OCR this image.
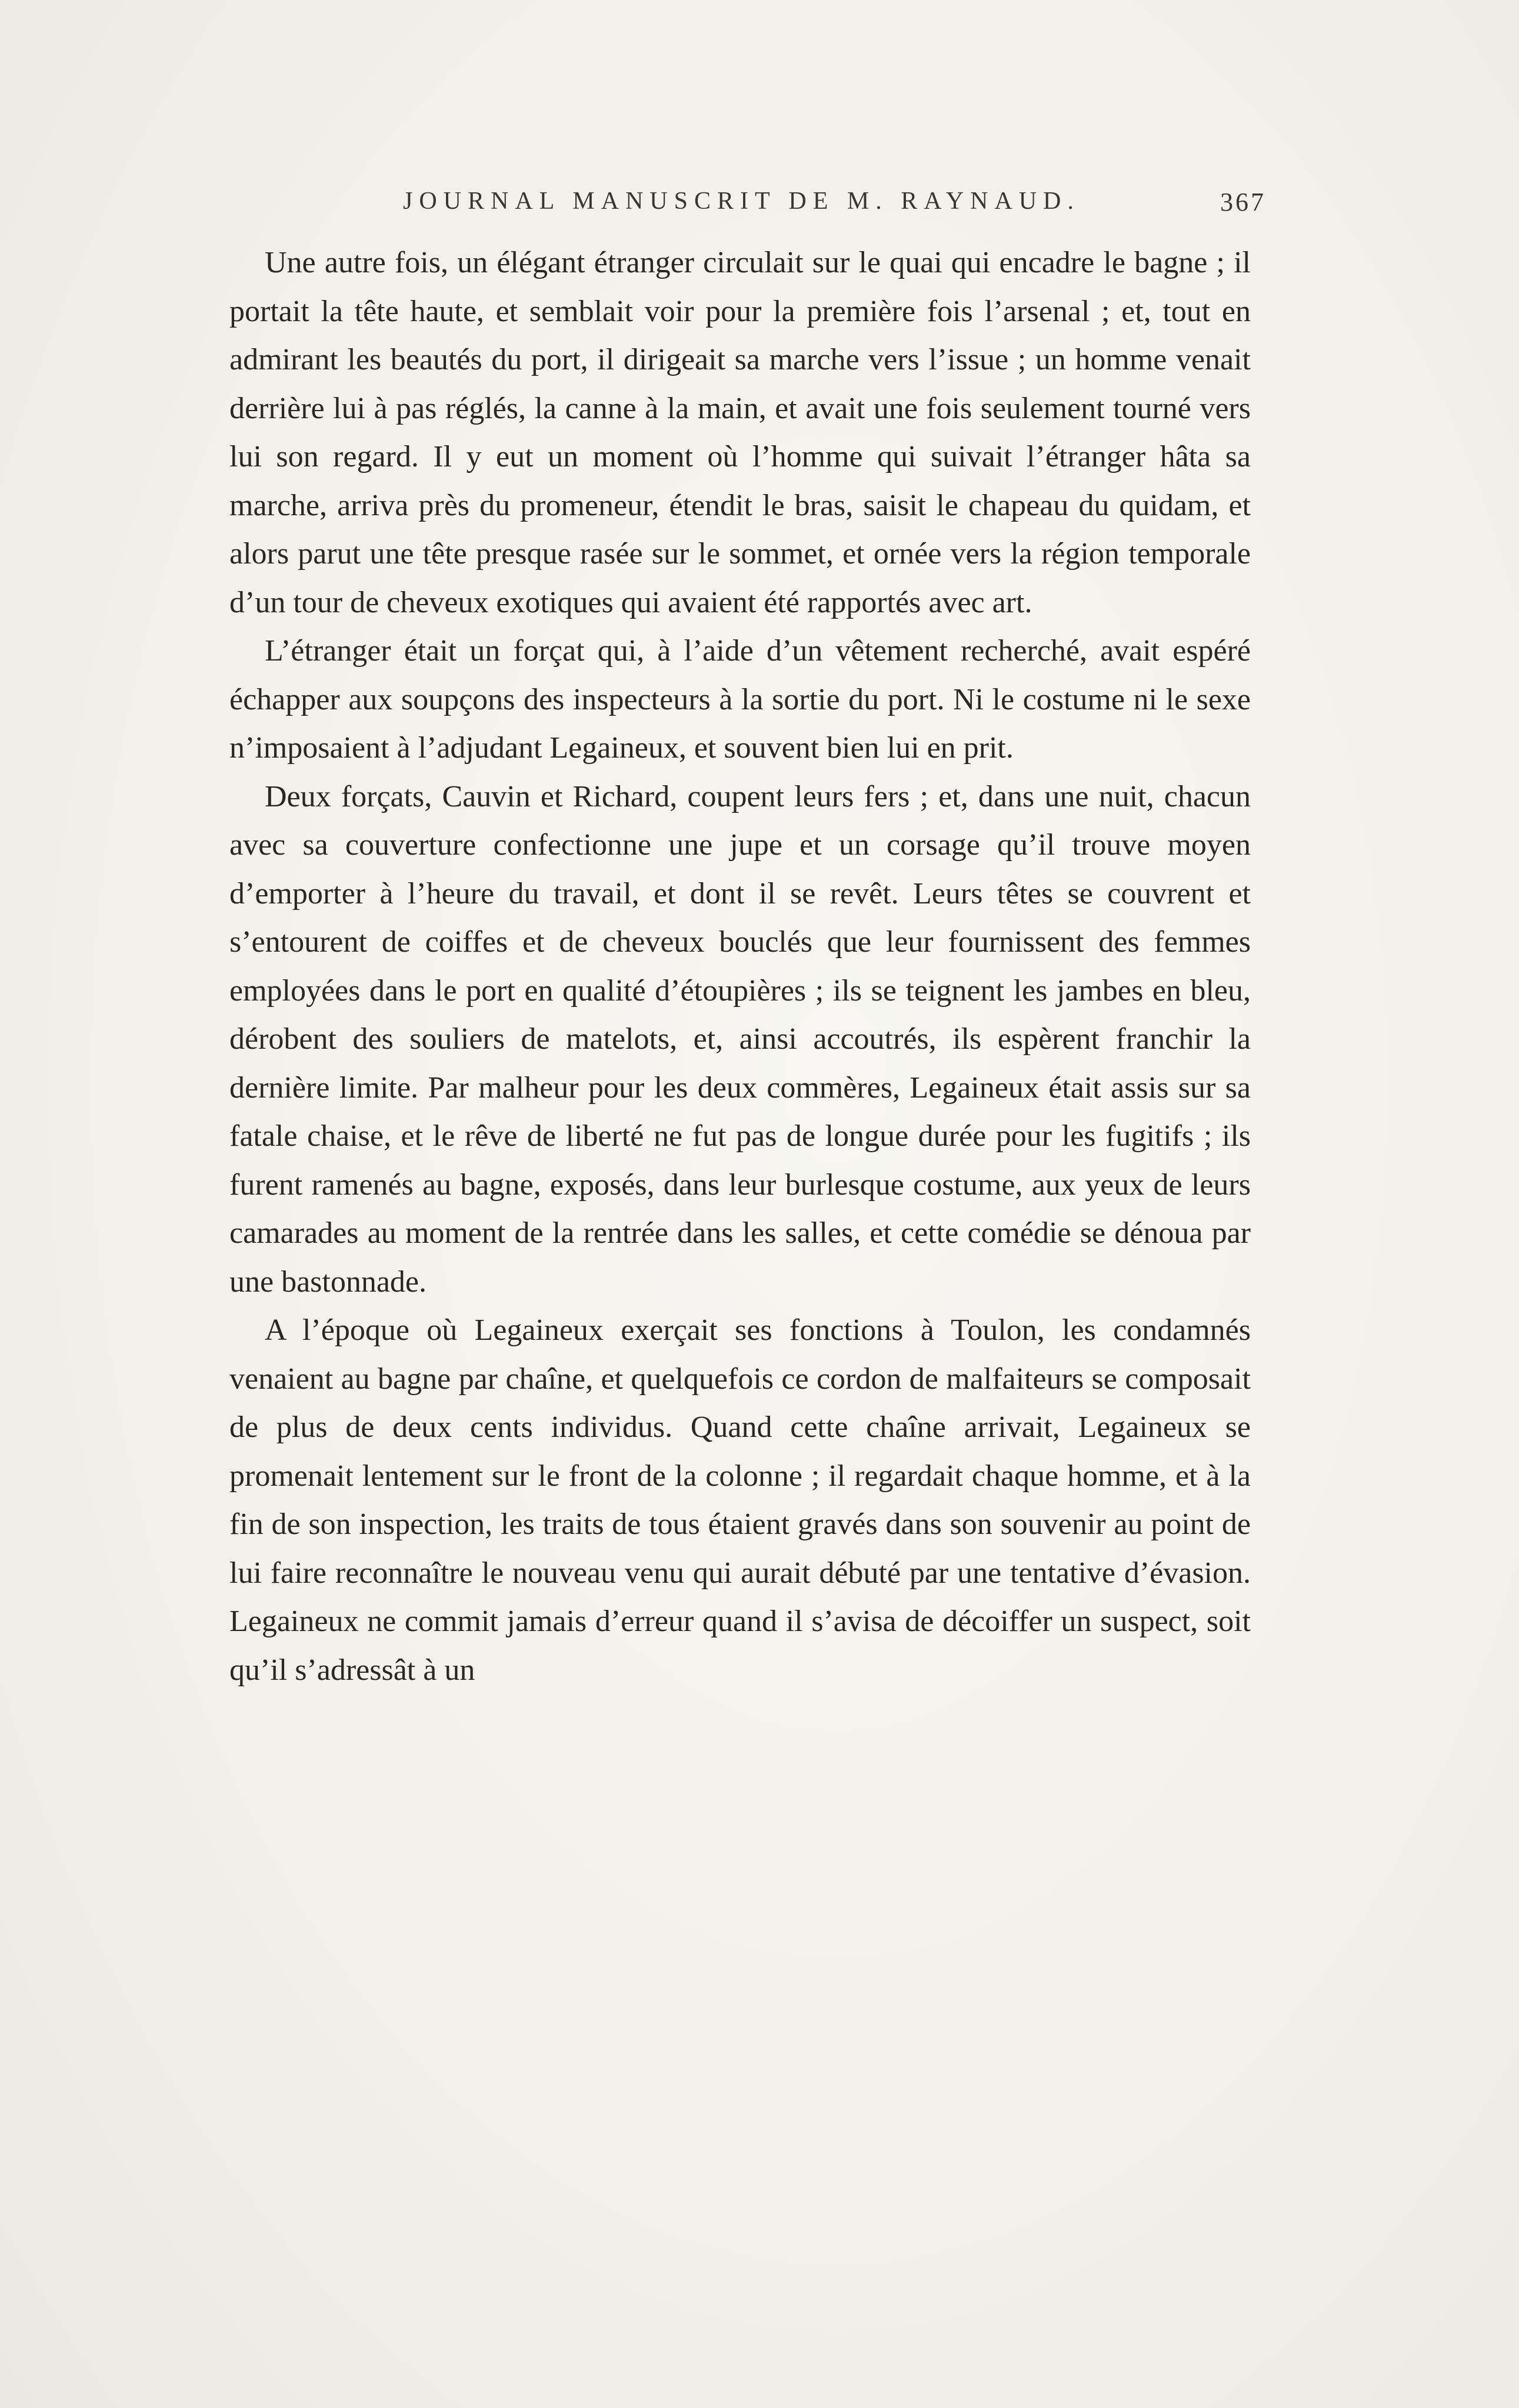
JOURNAL MANUSCRIT DE M. RAYNAUD.	367

Une autre fois, un élégant étranger circulait sur le quai qui encadre le bagne ; il portait la tête haute, et semblait voir pour la première fois l’arsenal ; et, tout en admirant les beautés du port, il dirigeait sa marche vers l’issue ; un homme venait derrière lui à pas réglés, la canne à la main, et avait une fois seulement tourné vers lui son regard. Il y eut un moment où l’homme qui suivait l’étranger hâta sa marche, arriva près du promeneur, étendit le bras, saisit le chapeau du quidam, et alors parut une tête presque rasée sur le sommet, et ornée vers la région temporale d’un tour de cheveux exotiques qui avaient été rapportés avec art.

L’étranger était un forçat qui, à l’aide d’un vêtement recherché, avait espéré échapper aux soupçons des inspecteurs à la sortie du port. Ni le costume ni le sexe n’imposaient à l’adjudant Legaineux, et souvent bien lui en prit.

Deux forçats, Cauvin et Richard, coupent leurs fers ; et, dans une nuit, chacun avec sa couverture confectionne une jupe et un corsage qu’il trouve moyen d’emporter à l’heure du travail, et dont il se revêt. Leurs têtes se couvrent et s’entourent de coiffes et de cheveux bouclés que leur fournissent des femmes employées dans le port en qualité d’étoupières ; ils se teignent les jambes en bleu, dérobent des souliers de matelots, et, ainsi accoutrés, ils espèrent franchir la dernière limite. Par malheur pour les deux commères, Legaineux était assis sur sa fatale chaise, et le rêve de liberté ne fut pas de longue durée pour les fugitifs ; ils furent ramenés au bagne, exposés, dans leur burlesque costume, aux yeux de leurs camarades au moment de la rentrée dans les salles, et cette comédie se dénoua par une bastonnade.

A l’époque où Legaineux exerçait ses fonctions à Toulon, les condamnés venaient au bagne par chaîne, et quelquefois ce cordon de malfaiteurs se composait de plus de deux cents individus. Quand cette chaîne arrivait, Legaineux se promenait lentement sur le front de la colonne ; il regardait chaque homme, et à la fin de son inspection, les traits de tous étaient gravés dans son souvenir au point de lui faire reconnaître le nouveau venu qui aurait débuté par une tentative d’évasion. Legaineux ne commit jamais d’erreur quand il s’avisa de décoiffer un suspect, soit qu’il s’adressât à un
